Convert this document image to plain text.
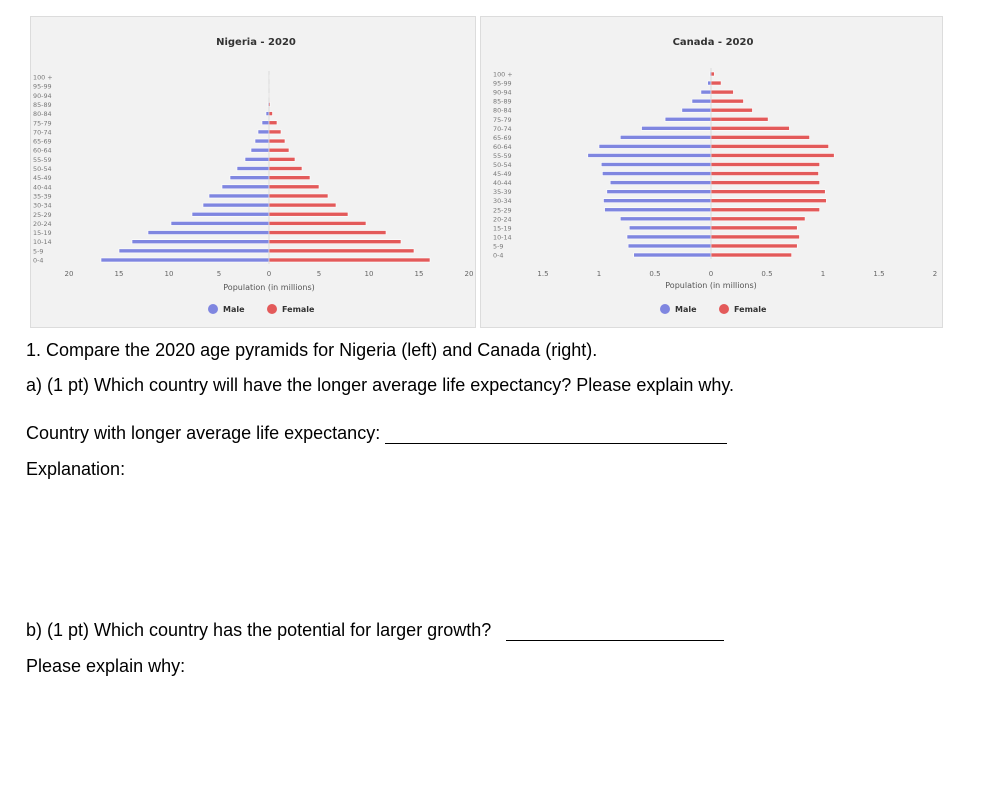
Nigeria - 2020
20	15	10	5	0	5	10	15	20
Population (in millions)
100 +
95-99
90-94
85-89
80-84
75-79
70-74
65-69
60-64
55-59
50-54
45-49
40-44
35-39
30-34
25-29
20-24
15-19
10-14
5-9
0-4
Male	Female
Canada - 2020
1.5	1	0.5	0	0.5	1	1.5	2
Population (in millions)
100 +
95-99
90-94
85-89
80-84
75-79
70-74
65-69
60-64
55-59
50-54
45-49
40-44
35-39
30-34
25-29
20-24
15-19
10-14
5-9
0-4
Male	Female
1. Compare the 2020 age pyramids for Nigeria (left) and Canada (right).
a) (1 pt) Which country will have the longer average life expectancy? Please explain why.
Country with longer average life expectancy:
Explanation:
b) (1 pt) Which country has the potential for larger growth?
Please explain why:
